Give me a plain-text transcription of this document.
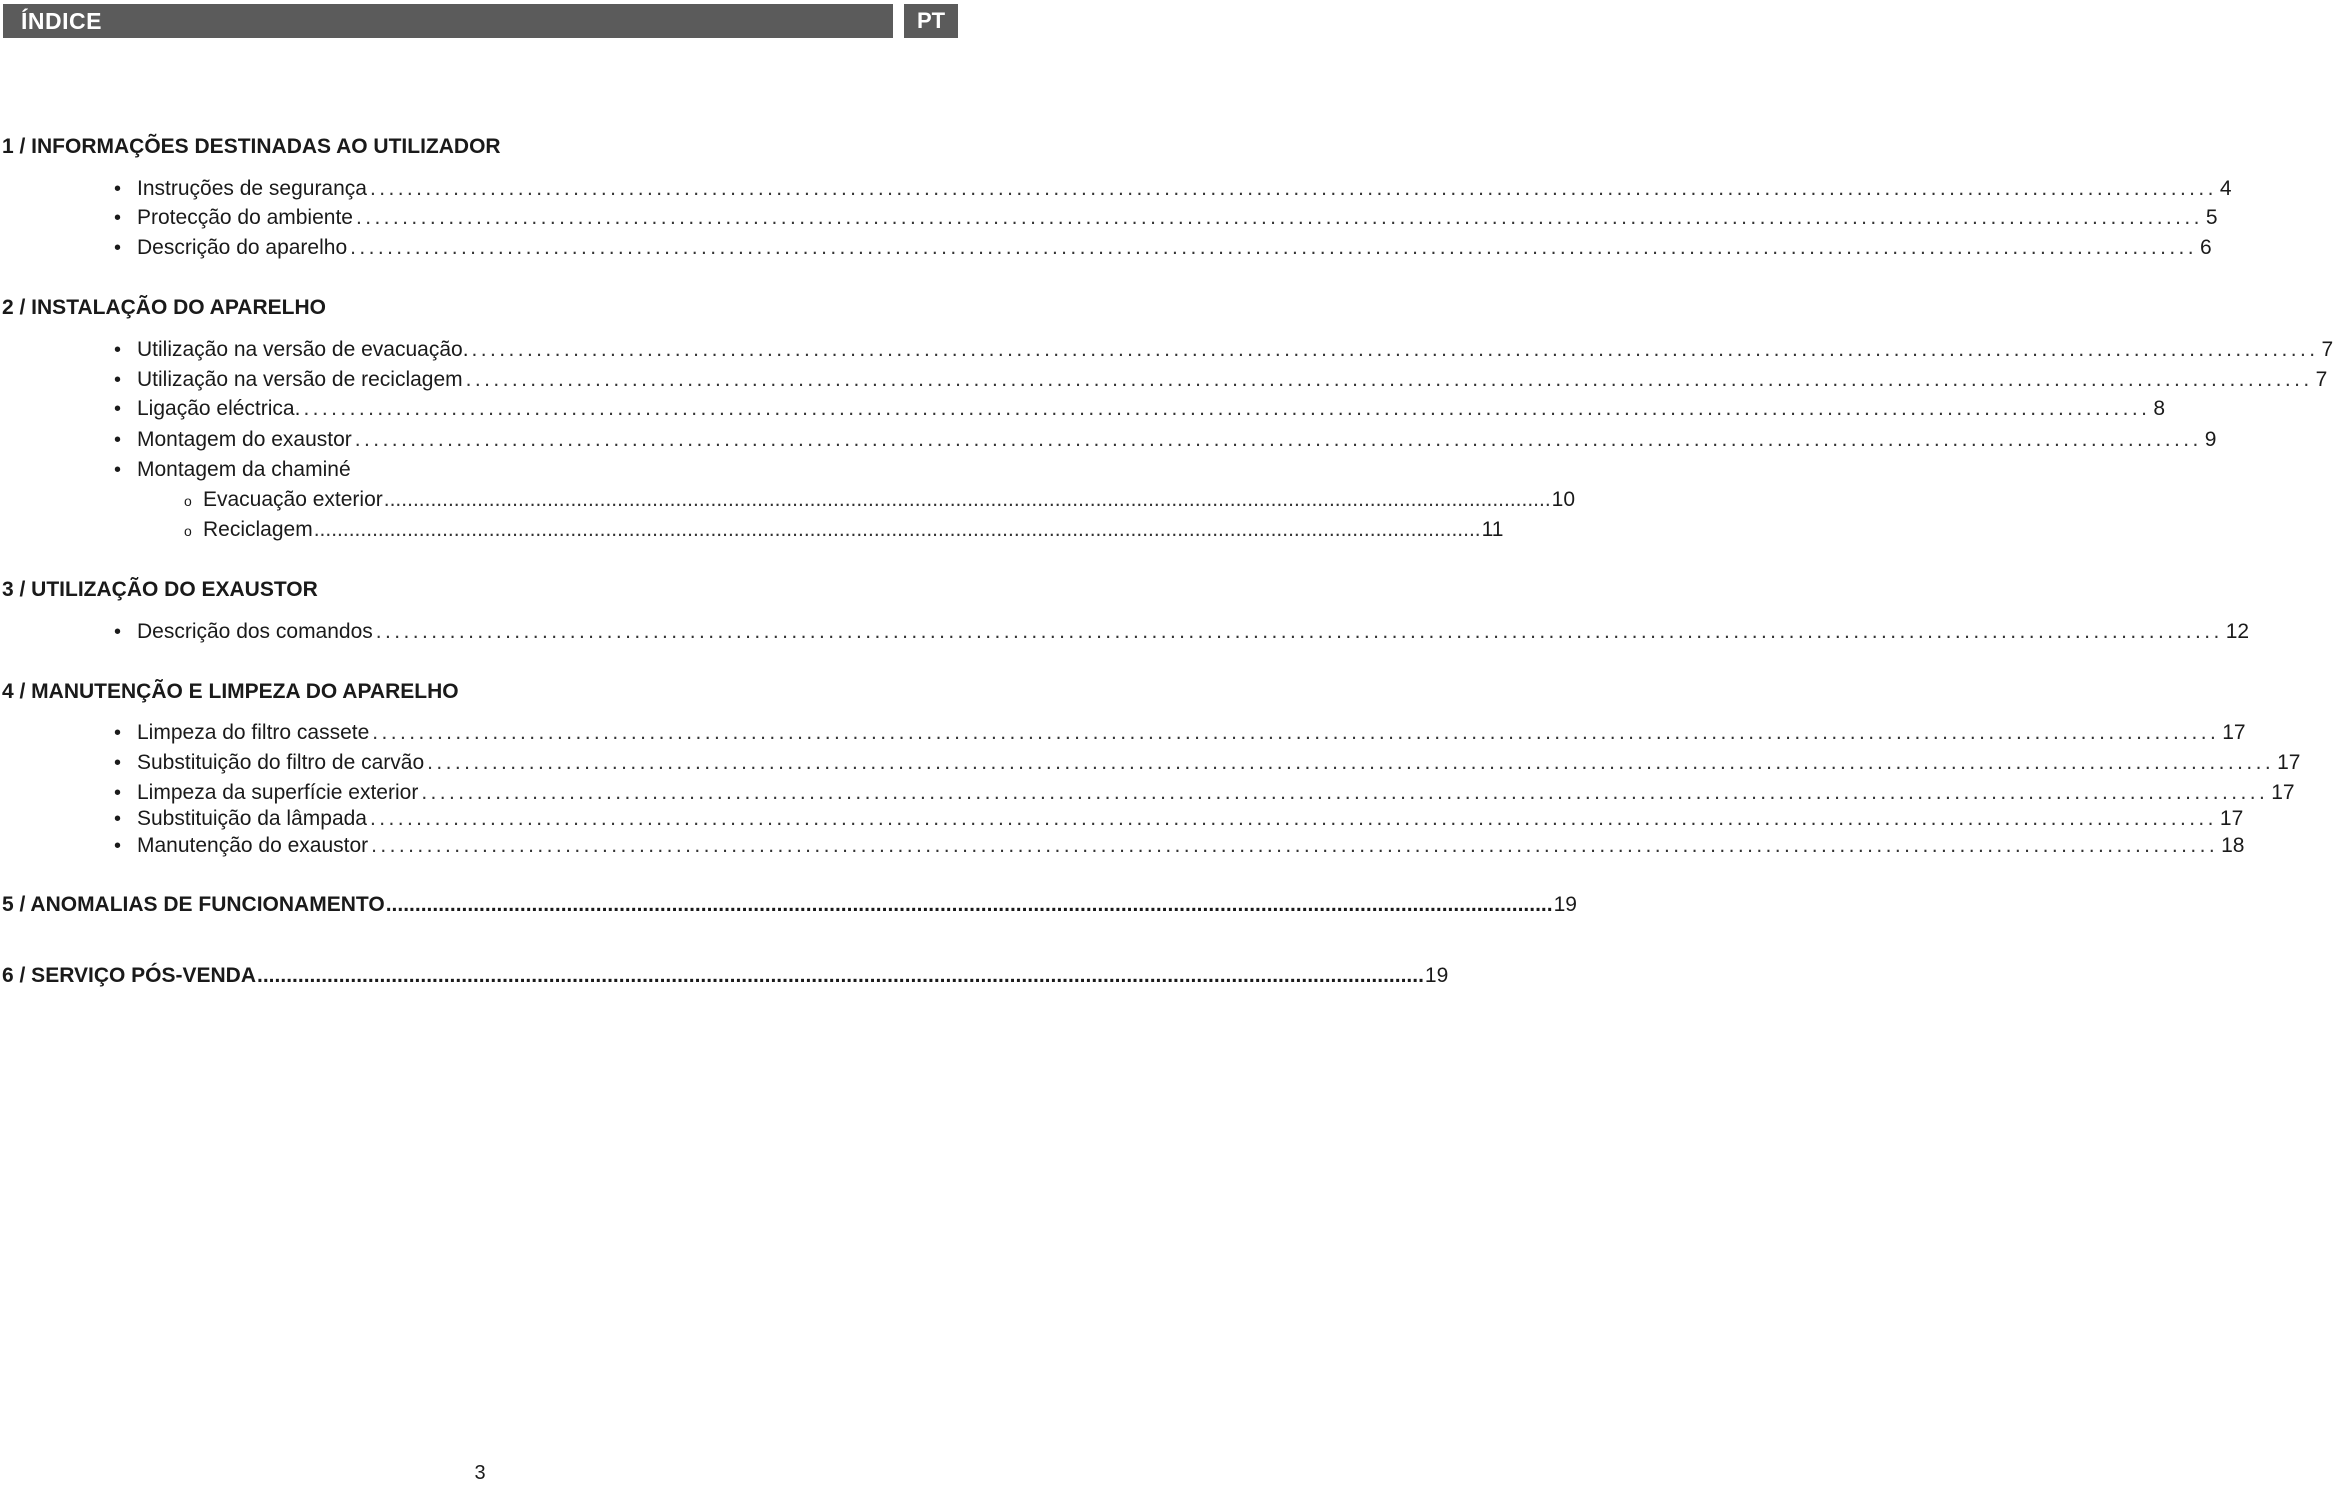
ÍNDICE	PT
1 / INFORMAÇÕES DESTINADAS AO UTILIZADOR
• Instruções de segurança ........................................................................................................................................................................................................ 4
• Protecção do ambiente ........................................................................................................................................................................................................ 5
• Descrição do aparelho ........................................................................................................................................................................................................ 6
2 / INSTALAÇÃO DO APARELHO
• Utilização na versão de evacuação. ........................................................................................................................................................................................................ 7
• Utilização na versão de reciclagem ........................................................................................................................................................................................................ 7
• Ligação eléctrica. ........................................................................................................................................................................................................ 8
• Montagem do exaustor ........................................................................................................................................................................................................ 9
• Montagem da chaminé
o Evacuação exterior ........................................................................................................................................................................................................ 10
o Reciclagem ........................................................................................................................................................................................................ 11
3 / UTILIZAÇÃO DO EXAUSTOR
• Descrição dos comandos ........................................................................................................................................................................................................ 12
4 / MANUTENÇÃO E LIMPEZA DO APARELHO
• Limpeza do filtro cassete ........................................................................................................................................................................................................ 17
• Substituição do filtro de carvão ........................................................................................................................................................................................................ 17
• Limpeza da superfície exterior ........................................................................................................................................................................................................ 17
• Substituição da lâmpada ........................................................................................................................................................................................................ 17
• Manutenção do exaustor ........................................................................................................................................................................................................ 18
5 / ANOMALIAS DE FUNCIONAMENTO ........................................................................................................................................................................................................ 19
6 / SERVIÇO PÓS-VENDA ........................................................................................................................................................................................................ 19
3
